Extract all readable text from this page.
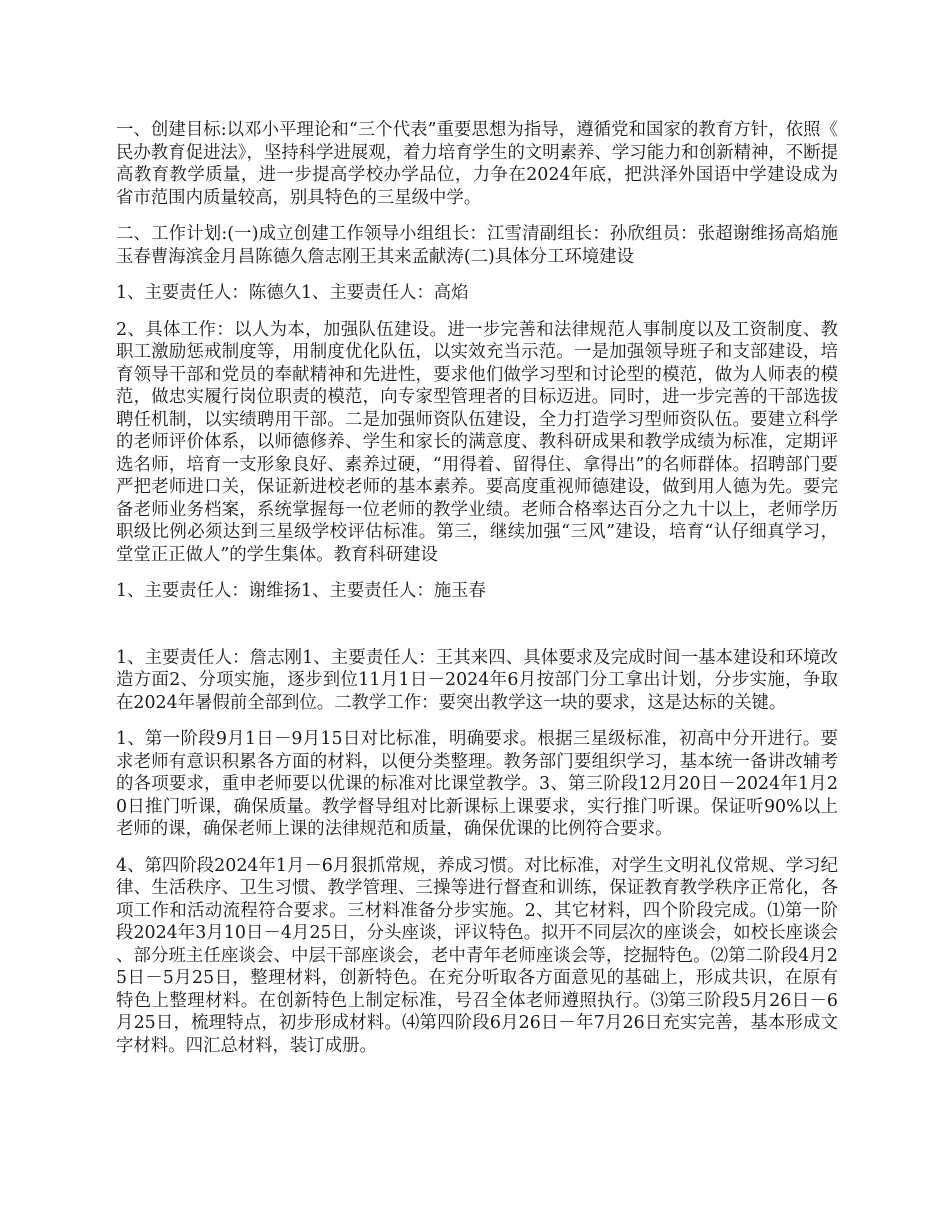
一、创建目标:以邓小平理论和“三个代表”重要思想为指导，遵循党和国家的教育方针，依照《民办教育促进法》，坚持科学进展观，着力培育学生的文明素养、学习能力和创新精神，不断提高教育教学质量，进一步提高学校办学品位，力争在2024年底，把洪泽外国语中学建设成为省市范围内质量较高，别具特色的三星级中学。

二、工作计划:(一)成立创建工作领导小组组长：江雪清副组长：孙欣组员：张超谢维扬高焰施玉春曹海滨金月昌陈德久詹志刚王其来孟献涛(二)具体分工环境建设

1、主要责任人：陈德久1、主要责任人：高焰

2、具体工作：以人为本，加强队伍建设。进一步完善和法律规范人事制度以及工资制度、教职工激励惩戒制度等，用制度优化队伍，以实效充当示范。一是加强领导班子和支部建设，培育领导干部和党员的奉献精神和先进性，要求他们做学习型和讨论型的模范，做为人师表的模范，做忠实履行岗位职责的模范，向专家型管理者的目标迈进。同时，进一步完善的干部选拔聘任机制，以实绩聘用干部。二是加强师资队伍建设，全力打造学习型师资队伍。要建立科学的老师评价体系，以师德修养、学生和家长的满意度、教科研成果和教学成绩为标准，定期评选名师，培育一支形象良好、素养过硬，“用得着、留得住、拿得出”的名师群体。招聘部门要严把老师进口关，保证新进校老师的基本素养。要高度重视师德建设，做到用人德为先。要完备老师业务档案，系统掌握每一位老师的教学业绩。老师合格率达百分之九十以上，老师学历职级比例必须达到三星级学校评估标准。第三，继续加强“三风”建设，培育“认仔细真学习，堂堂正正做人”的学生集体。教育科研建设

1、主要责任人：谢维扬1、主要责任人：施玉春

1、主要责任人：詹志刚1、主要责任人：王其来四、具体要求及完成时间一基本建设和环境改造方面2、分项实施，逐步到位11月1日－2024年6月按部门分工拿出计划，分步实施，争取在2024年暑假前全部到位。二教学工作：要突出教学这一块的要求，这是达标的关键。

1、第一阶段9月1日－9月15日对比标准，明确要求。根据三星级标准，初高中分开进行。要求老师有意识积累各方面的材料，以便分类整理。教务部门要组织学习，基本统一备讲改辅考的各项要求，重申老师要以优课的标准对比课堂教学。3、第三阶段12月20日－2024年1月20日推门听课，确保质量。教学督导组对比新课标上课要求，实行推门听课。保证听90%以上老师的课，确保老师上课的法律规范和质量，确保优课的比例符合要求。

4、第四阶段2024年1月－6月狠抓常规，养成习惯。对比标准，对学生文明礼仪常规、学习纪律、生活秩序、卫生习惯、教学管理、三操等进行督查和训练，保证教育教学秩序正常化，各项工作和活动流程符合要求。三材料准备分步实施。2、其它材料，四个阶段完成。⑴第一阶段2024年3月10日－4月25日，分头座谈，评议特色。拟开不同层次的座谈会，如校长座谈会、部分班主任座谈会、中层干部座谈会，老中青年老师座谈会等，挖掘特色。⑵第二阶段4月25日－5月25日，整理材料，创新特色。在充分听取各方面意见的基础上，形成共识，在原有特色上整理材料。在创新特色上制定标准，号召全体老师遵照执行。⑶第三阶段5月26日－6月25日，梳理特点，初步形成材料。⑷第四阶段6月26日－年7月26日充实完善，基本形成文字材料。四汇总材料，装订成册。
